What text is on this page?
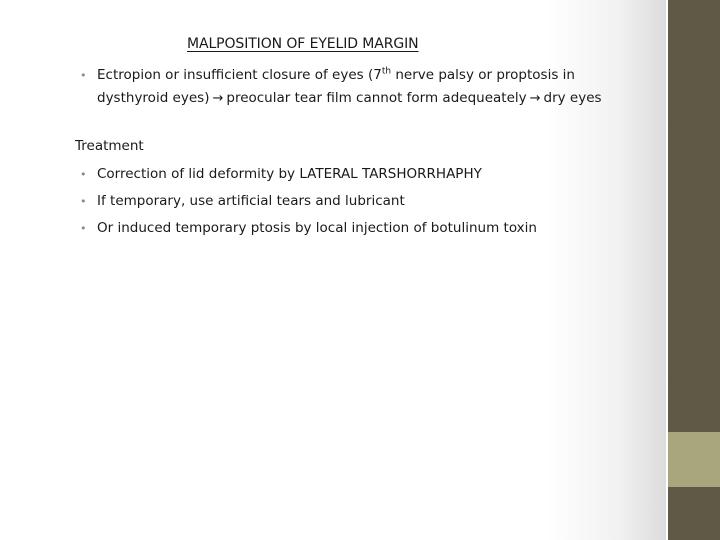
MALPOSITION OF EYELID MARGIN
• Ectropion or insufficient closure of eyes (7th nerve palsy or proptosis in
dysthyroid eyes) → preocular tear film cannot form adequeately → dry eyes
Treatment
• Correction of lid deformity by LATERAL TARSHORRHAPHY
• If temporary, use artificial tears and lubricant
• Or induced temporary ptosis by local injection of botulinum toxin
